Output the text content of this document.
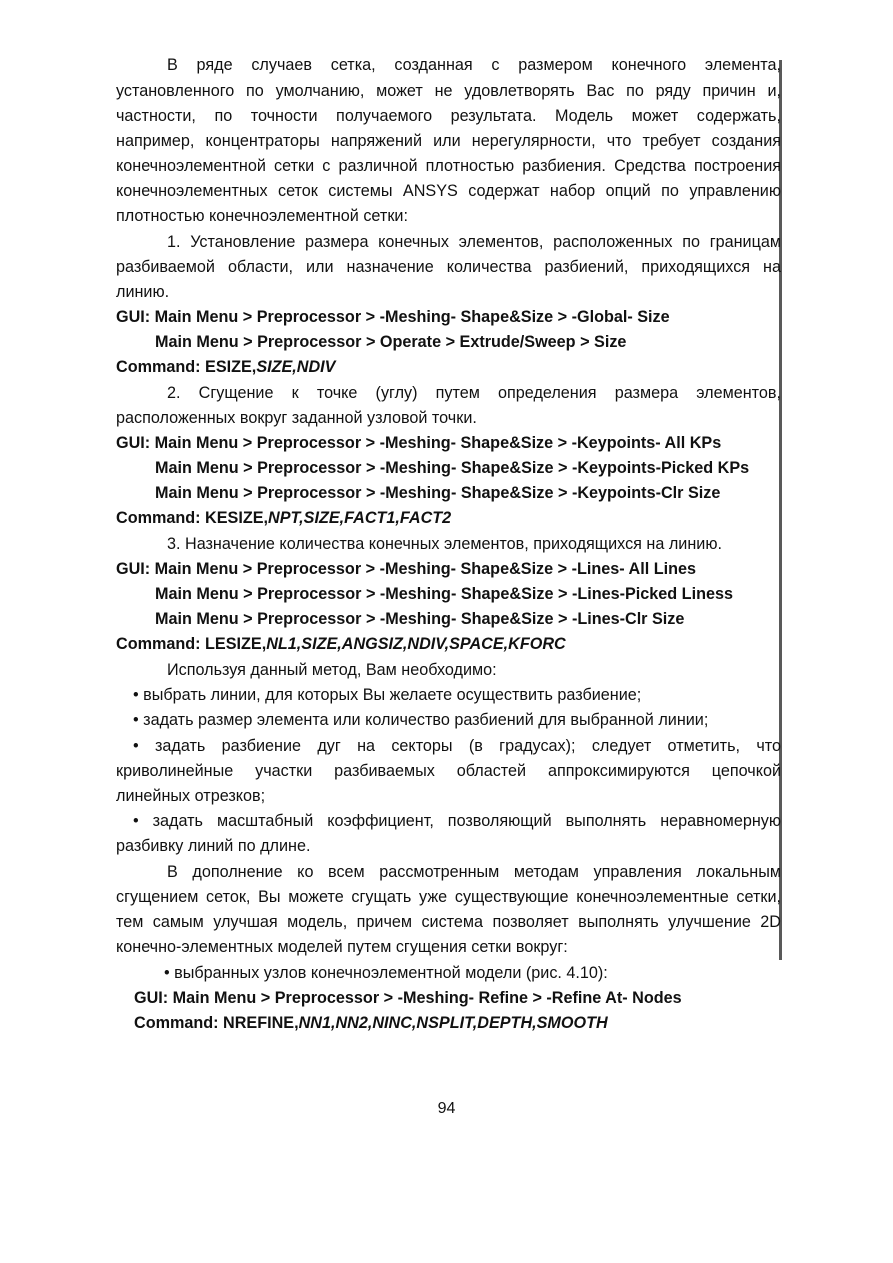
В ряде случаев сетка, созданная с размером конечного элемента,
установленного по умолчанию, может не удовлетворять Вас по ряду причин и,
частности, по точности получаемого результата. Модель может содержать,
например, концентраторы напряжений или нерегулярности, что требует создания
конечноэлементной сетки с различной плотностью разбиения. Средства построения
конечноэлементных сеток системы ANSYS содержат набор опций по управлению
плотностью конечноэлементной сетки:
1. Установление размера конечных элементов, расположенных по границам
разбиваемой области, или назначение количества разбиений, приходящихся на
линию.
GUI: Main Menu > Preprocessor > -Meshing- Shape&Size > -Global- Size
Main Menu > Preprocessor > Operate > Extrude/Sweep > Size
Command: ESIZE,SIZE,NDIV
2. Сгущение к точке (углу) путем определения размера элементов,
расположенных вокруг заданной узловой точки.
GUI: Main Menu > Preprocessor > -Meshing- Shape&Size > -Keypoints- All KPs
Main Menu > Preprocessor > -Meshing- Shape&Size > -Keypoints-Picked KPs
Main Menu > Preprocessor > -Meshing- Shape&Size > -Keypoints-Clr Size
Command: KESIZE,NPT,SIZE,FACT1,FACT2
3. Назначение количества конечных элементов, приходящихся на линию.
GUI: Main Menu > Preprocessor > -Meshing- Shape&Size > -Lines- All Lines
Main Menu > Preprocessor > -Meshing- Shape&Size > -Lines-Picked Liness
Main Menu > Preprocessor > -Meshing- Shape&Size > -Lines-Clr Size
Command: LESIZE,NL1,SIZE,ANGSIZ,NDIV,SPACE,KFORC
Используя данный метод, Вам необходимо:
• выбрать линии, для которых Вы желаете осуществить разбиение;
• задать размер элемента или количество разбиений для выбранной линии;
• задать разбиение дуг на секторы (в градусах); следует отметить, что
криволинейные участки разбиваемых областей аппроксимируются цепочкой
линейных отрезков;
• задать масштабный коэффициент, позволяющий выполнять неравномерную
разбивку линий по длине.
В дополнение ко всем рассмотренным методам управления локальным
сгущением сеток, Вы можете сгущать уже существующие конечноэлементные сетки,
тем самым улучшая модель, причем система позволяет выполнять улучшение 2D
конечно-элементных моделей путем сгущения сетки вокруг:
• выбранных узлов конечноэлементной модели (рис. 4.10):
GUI: Main Menu > Preprocessor > -Meshing- Refine > -Refine At- Nodes
Command: NREFINE,NN1,NN2,NINC,NSPLIT,DEPTH,SMOOTH
94
